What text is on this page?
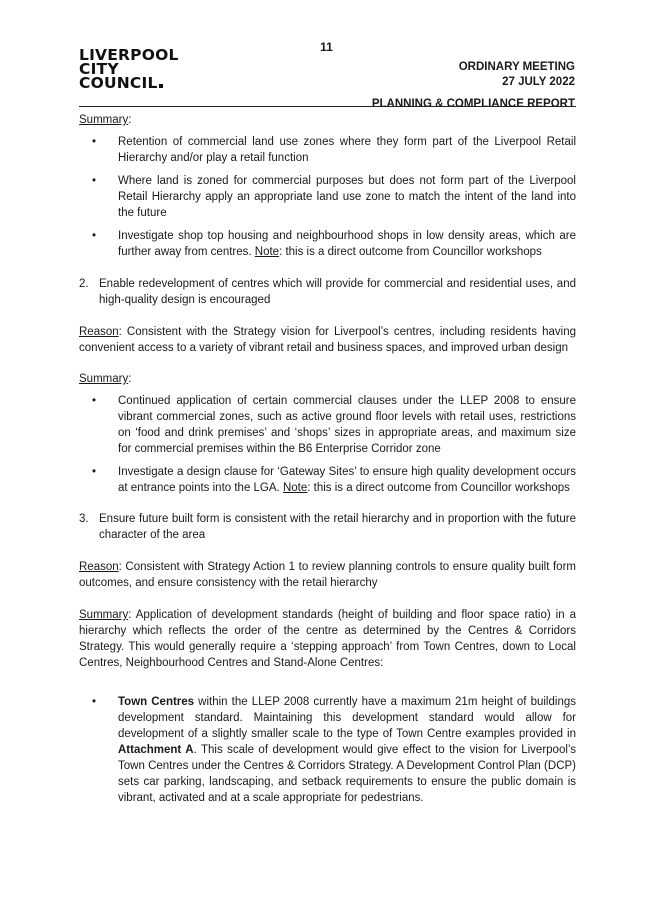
11
LIVERPOOL
CITY
COUNCIL
ORDINARY MEETING
27 JULY 2022
PLANNING & COMPLIANCE REPORT

Summary:

• Retention of commercial land use zones where they form part of the Liverpool Retail Hierarchy and/or play a retail function
• Where land is zoned for commercial purposes but does not form part of the Liverpool Retail Hierarchy apply an appropriate land use zone to match the intent of the land into the future
• Investigate shop top housing and neighbourhood shops in low density areas, which are further away from centres. Note: this is a direct outcome from Councillor workshops

2. Enable redevelopment of centres which will provide for commercial and residential uses, and high-quality design is encouraged

Reason: Consistent with the Strategy vision for Liverpool’s centres, including residents having convenient access to a variety of vibrant retail and business spaces, and improved urban design

Summary:

• Continued application of certain commercial clauses under the LLEP 2008 to ensure vibrant commercial zones, such as active ground floor levels with retail uses, restrictions on ‘food and drink premises’ and ‘shops’ sizes in appropriate areas, and maximum size for commercial premises within the B6 Enterprise Corridor zone
• Investigate a design clause for ‘Gateway Sites’ to ensure high quality development occurs at entrance points into the LGA. Note: this is a direct outcome from Councillor workshops

3. Ensure future built form is consistent with the retail hierarchy and in proportion with the future character of the area

Reason: Consistent with Strategy Action 1 to review planning controls to ensure quality built form outcomes, and ensure consistency with the retail hierarchy

Summary: Application of development standards (height of building and floor space ratio) in a hierarchy which reflects the order of the centre as determined by the Centres & Corridors Strategy. This would generally require a ‘stepping approach’ from Town Centres, down to Local Centres, Neighbourhood Centres and Stand-Alone Centres:

• Town Centres within the LLEP 2008 currently have a maximum 21m height of buildings development standard. Maintaining this development standard would allow for development of a slightly smaller scale to the type of Town Centre examples provided in Attachment A. This scale of development would give effect to the vision for Liverpool’s Town Centres under the Centres & Corridors Strategy. A Development Control Plan (DCP) sets car parking, landscaping, and setback requirements to ensure the public domain is vibrant, activated and at a scale appropriate for pedestrians.
